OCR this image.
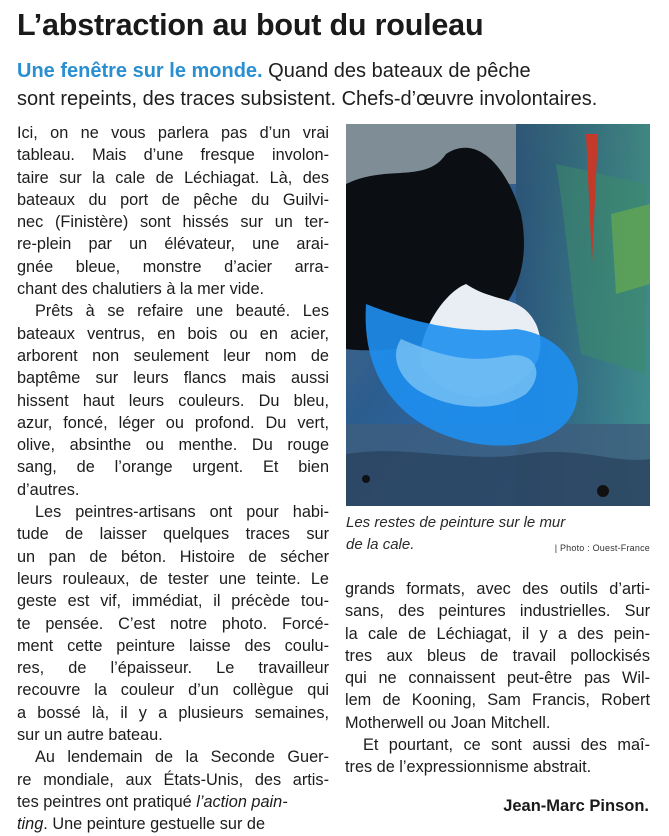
L’abstraction au bout du rouleau
Une fenêtre sur le monde. Quand des bateaux de pêche
sont repeints, des traces subsistent. Chefs-d’œuvre involontaires.
Ici, on ne vous parlera pas d’un vrai
tableau. Mais d’une fresque involon-
taire sur la cale de Léchiagat. Là, des
bateaux du port de pêche du Guilvi-
nec (Finistère) sont hissés sur un ter-
re-plein par un élévateur, une arai-
gnée bleue, monstre d’acier arra-
chant des chalutiers à la mer vide.
Prêts à se refaire une beauté. Les
bateaux ventrus, en bois ou en acier,
arborent non seulement leur nom de
baptême sur leurs flancs mais aussi
hissent haut leurs couleurs. Du bleu,
azur, foncé, léger ou profond. Du vert,
olive, absinthe ou menthe. Du rouge
sang, de l’orange urgent. Et bien
d’autres.
Les peintres-artisans ont pour habi-
tude de laisser quelques traces sur
un pan de béton. Histoire de sécher
leurs rouleaux, de tester une teinte. Le
geste est vif, immédiat, il précède tou-
te pensée. C’est notre photo. Forcé-
ment cette peinture laisse des coulu-
res, de l’épaisseur. Le travailleur
recouvre la couleur d’un collègue qui
a bossé là, il y a plusieurs semaines,
sur un autre bateau.
Au lendemain de la Seconde Guer-
re mondiale, aux États-Unis, des artis-
tes peintres ont pratiqué l’action pain-
ting. Une peinture gestuelle sur de
Les restes de peinture sur le mur
de la cale.	| Photo : Ouest-France
grands formats, avec des outils d’arti-
sans, des peintures industrielles. Sur
la cale de Léchiagat, il y a des pein-
tres aux bleus de travail pollockisés
qui ne connaissent peut-être pas Wil-
lem de Kooning, Sam Francis, Robert
Motherwell ou Joan Mitchell.
Et pourtant, ce sont aussi des maî-
tres de l’expressionnisme abstrait.
Jean-Marc Pinson.
